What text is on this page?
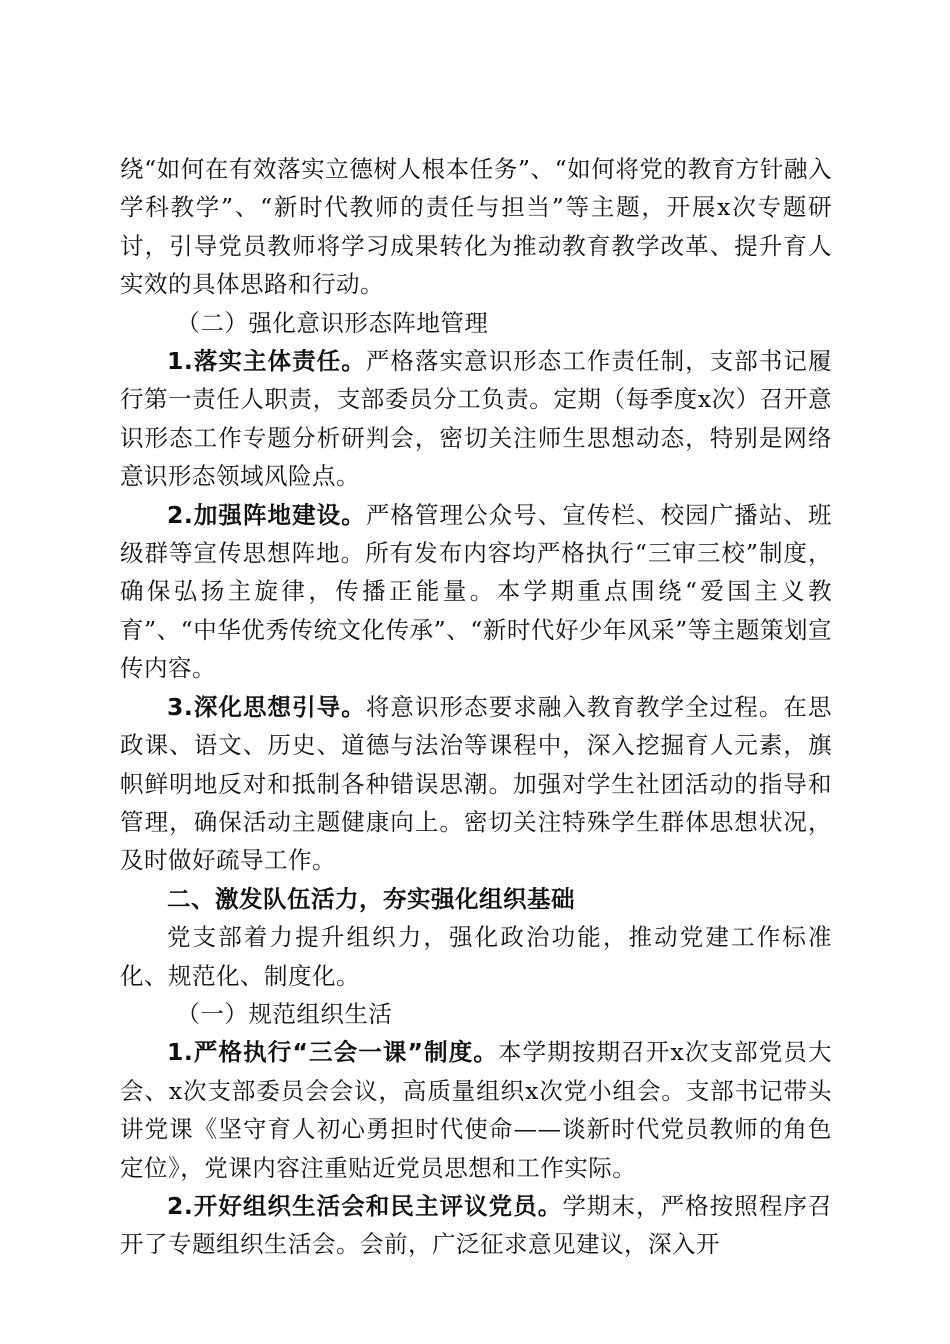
绕“如何在有效落实立德树人根本任务”、“如何将党的教育方针融入学科教学”、“新时代教师的责任与担当”等主题，开展x次专题研讨，引导党员教师将学习成果转化为推动教育教学改革、提升育人实效的具体思路和行动。

（二）强化意识形态阵地管理

1.落实主体责任。严格落实意识形态工作责任制，支部书记履行第一责任人职责，支部委员分工负责。定期（每季度x次）召开意识形态工作专题分析研判会，密切关注师生思想动态，特别是网络意识形态领域风险点。

2.加强阵地建设。严格管理公众号、宣传栏、校园广播站、班级群等宣传思想阵地。所有发布内容均严格执行“三审三校”制度，确保弘扬主旋律，传播正能量。本学期重点围绕“爱国主义教育”、“中华优秀传统文化传承”、“新时代好少年风采”等主题策划宣传内容。

3.深化思想引导。将意识形态要求融入教育教学全过程。在思政课、语文、历史、道德与法治等课程中，深入挖掘育人元素，旗帜鲜明地反对和抵制各种错误思潮。加强对学生社团活动的指导和管理，确保活动主题健康向上。密切关注特殊学生群体思想状况，及时做好疏导工作。

二、激发队伍活力，夯实强化组织基础

党支部着力提升组织力，强化政治功能，推动党建工作标准化、规范化、制度化。

（一）规范组织生活

1.严格执行“三会一课”制度。本学期按期召开x次支部党员大会、x次支部委员会会议，高质量组织x次党小组会。支部书记带头讲党课《坚守育人初心勇担时代使命——谈新时代党员教师的角色定位》，党课内容注重贴近党员思想和工作实际。

2.开好组织生活会和民主评议党员。学期末，严格按照程序召开了专题组织生活会。会前，广泛征求意见建议，深入开
